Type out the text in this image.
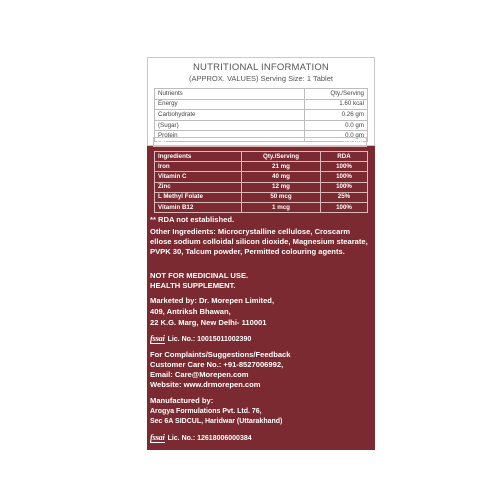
NUTRITIONAL INFORMATION
(APPROX. VALUES) Serving Size: 1 Tablet
Nutrients	Qty./Serving
Energy	1.60 kcal
Carbohydrate	0.26 gm
(Sugar)	0.0 gm
Protein	0.0 gm
Fat	0.0 gm
Ingredients	Qty./Serving	RDA
Iron	21 mg	100%
Vitamin C	40 mg	100%
Zinc	12 mg	100%
L Methyl Folate	50 mcg	25%
Vitamin B12	1 mcg	100%
** RDA not established.
Other Ingredients: Microcrystalline cellulose, Croscarm ellose sodium colloidal silicon dioxide, Magnesium stearate, PVPK 30, Talcum powder, Permitted colouring agents.
NOT FOR MEDICINAL USE.
HEALTH SUPPLEMENT.
Marketed by: Dr. Morepen Limited,
409, Antriksh Bhawan,
22 K.G. Marg, New Delhi- 110001
fssai Lic. No.: 10015011002390
For Complaints/Suggestions/Feedback
Customer Care No.: +91-8527006992,
Email: Care@Morepen.com
Website: www.drmorepen.com
Manufactured by:
Arogya Formulations Pvt. Ltd. 76,
Sec 6A SIDCUL, Haridwar (Uttarakhand)
fssai Lic. No.: 12618006000384
